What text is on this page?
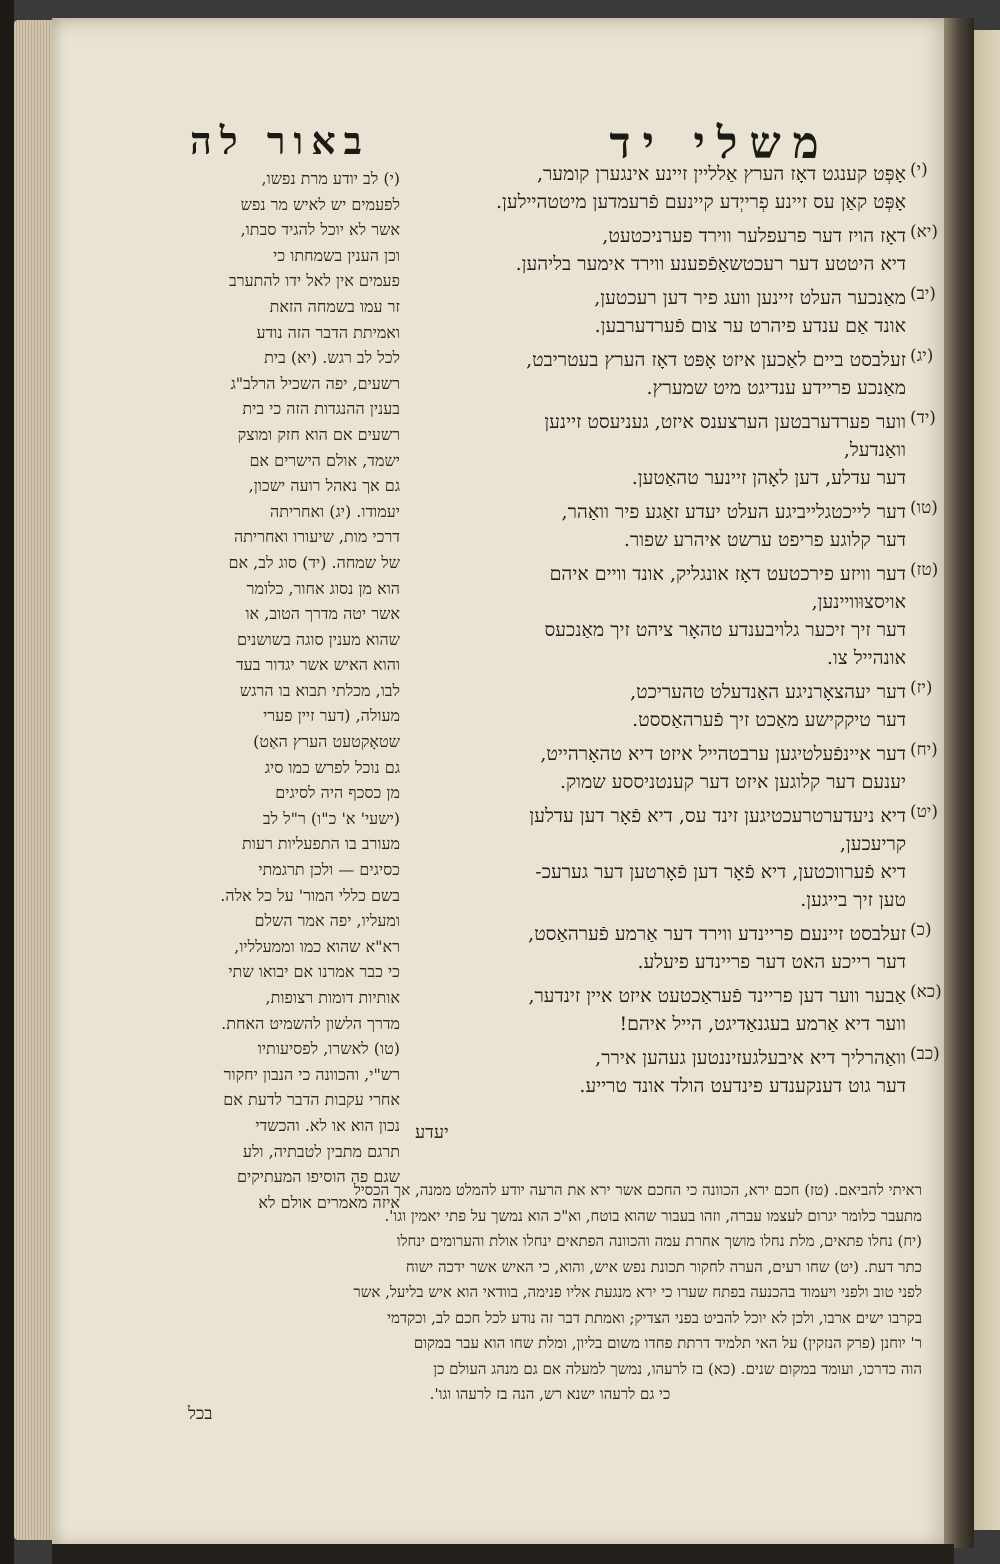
משלי יד
באור לה
אָפְּט קענגט דאָז הערץ אַלליין זיינע אינגערן קומער,
אָפְּט קאַן עס זיינע פְרייְדע קיינעם פֿרעמדען מיטטהיילען.
(י)
דאָז הויז דער פרעפלער ווירד פערניכטעט,
דיא היטטע דער רעכטשאַפֿפענע ווירד אימער בליהען.
(יא)
מאַנכער העלט זיינען וועג פיר דען רעכטען,
אונד אַם ענדע פיהרט ער צום פֿערדערבען.
(יב)
זעלבסט ביים לאַכען איזט אָפּט דאָז הערץ בעטריבט,
מאַנכע פריידע ענדיגט מיט שמערץ.
(יג)
ווער פערדערבטען הערצענס איזט, געניעסט זיינען
וואַנדעל,
דער עדלע, דען לאָהן זיינער טהאַטען.
(יד)
דער לייכטגלייביגע העלט יעדע זאַגע פיר וואַהר,
דער קלוגע פריפט ערשט איהרע שפור.
(טו)
דער וויזע פירכטעט דאָז אונגליק, אונד וויים איהם
אויסצוּוויינען,
דער זיך זיכער גלויבענדע טהאָר ציהט זיך מאַנכעס
אונהייל צו.
(טז)
דער יעהצאָרניגע האַנדעלט טהעריכט,
דער טיקקישע מאַכט זיך פֿערהאַססט.
(יז)
דער איינפֿעלטיגען ערבטהייל איזט דיא טהאָרהייט,
יענעם דער קלוגען איזט דער קענטניססע שמוק.
(יח)
דיא ניעדערטרעכטיגען זינד עס, דיא פֿאָר דען עדלען
קריעכען,
דיא פֿערווכטען, דיא פֿאָר דען פֿאָרטען דער גערעכ-
טען זיך בייגען.
(יט)
זעלבסט זיינעם פריינדע ווירד דער אַרמע פֿערהאַסט,
דער רייכע האט דער פריינדע פיעלע.
(כ)
אַבער ווער דען פריינד פֿעראַכטעט איזט איין זינדער,
ווער דיא אַרמע בעגנאַדיגט, הייל איהם!
(כא)
וואַהרליך דיא איבעלגעזיננטען געהען אירר,
דער גוט דענקענדע פינדעט הולד אונד טרייע.
(כב)
יעדע
(י) לב יודע מרת נפשו,
לפעמים יש לאיש מר נפש
אשר לא יוכל להגיד סבתו,
וכן הענין בשמחתו כי
פעמים אין לאל ידו להתערב
זר עמו בשמחה הזאת
ואמיתת הדבר הזה נודע
לכל לב רגש. (יא) בית
רשעים, יפה השכיל הרלב"ג
בענין ההנגדות הזה כי בית
רשעים אם הוא חזק ומוצק
ישמד, אולם הישרים אם
גם אך נאהל רועה ישכון,
יעמודו. (יג) ואחריתה
דרכי מות, שיעורו ואחריתה
של שמחה. (יד) סוג לב, אם
הוא מן נסוג אחור, כלומר
אשר יטה מדרך הטוב, או
שהוא מענין סוגה בשושנים
והוא האיש אשר יגדור בעד
לבו, מכלתי תבוא בו הרגש
מעולה, (דער זיין פערי
שטאָקטעט הערץ האַט)
גם נוכל לפרש כמו סיג
מן כסכף היה לסיגים
(ישעי' א' כ"ו) ר"ל לב
מעורב בו התפעליות רעות
כסיגים — ולכן תרגמתי
בשם כללי המור' על כל אלה.
ומעליו, יפה אמר השלם
רא"א שהוא כמו וממעלליו,
כי כבר אמרנו אם יבואו שתי
אותיות דומות רצופות,
מדרך הלשון להשמיט האחת.
(טו) לאשרו, לפסיעותיו
רש"י, והכוונה כי הנבון יחקור
אחרי עקבות הדבר לדעת אם
נכון הוא או לא. והכשדי
תרגם מתבין לטבתיה, ולע
שגם פה הוסיפו המעתיקים
איזה מאמרים אולם לא
ראיתי להביאם. (טז) חכם ירא, הכוונה כי החכם אשר ירא את הרעה יודע להמלט ממנה, אך הכסיל
מתעבר כלומר יגרום לעצמו עברה, וזהו בעבור שהוא בוטח, וא"כ הוא נמשך על פתי יאמין וגו'.
(יח) נחלו פתאים, מלת נחלו מושך אחרת עמה והכוונה הפתאים ינחלו אולת והערומים ינחלו
כתר דעת. (יט) שחו רעים, הערה לחקור תכונת נפש איש, והוא, כי האיש אשר ידכה ישוח
לפני טוב ולפני ויעמוד בהכנעה בפתח שערו כי ירא מנגעת אליו פנימה, בוודאי הוא איש בליעל, אשר
בקרבו ישים ארבו, ולכן לא יוכל להביט בפני הצדיק; ואמתת דבר זה נודע לכל חכם לב, וכקדמי
ר' יוחנן (פרק הנזקין) על האי תלמיד דרתת פחדו משום בליון, ומלת שחו הוא עבר במקום
הוה כדרכו, ועומד במקום שנים. (כא) בז לרעהו, נמשך למעלה אם גם מנהג העולם כן
כי גם לרעהו ישנא רש, הנה בז לרעהו וגו'.
בכל
